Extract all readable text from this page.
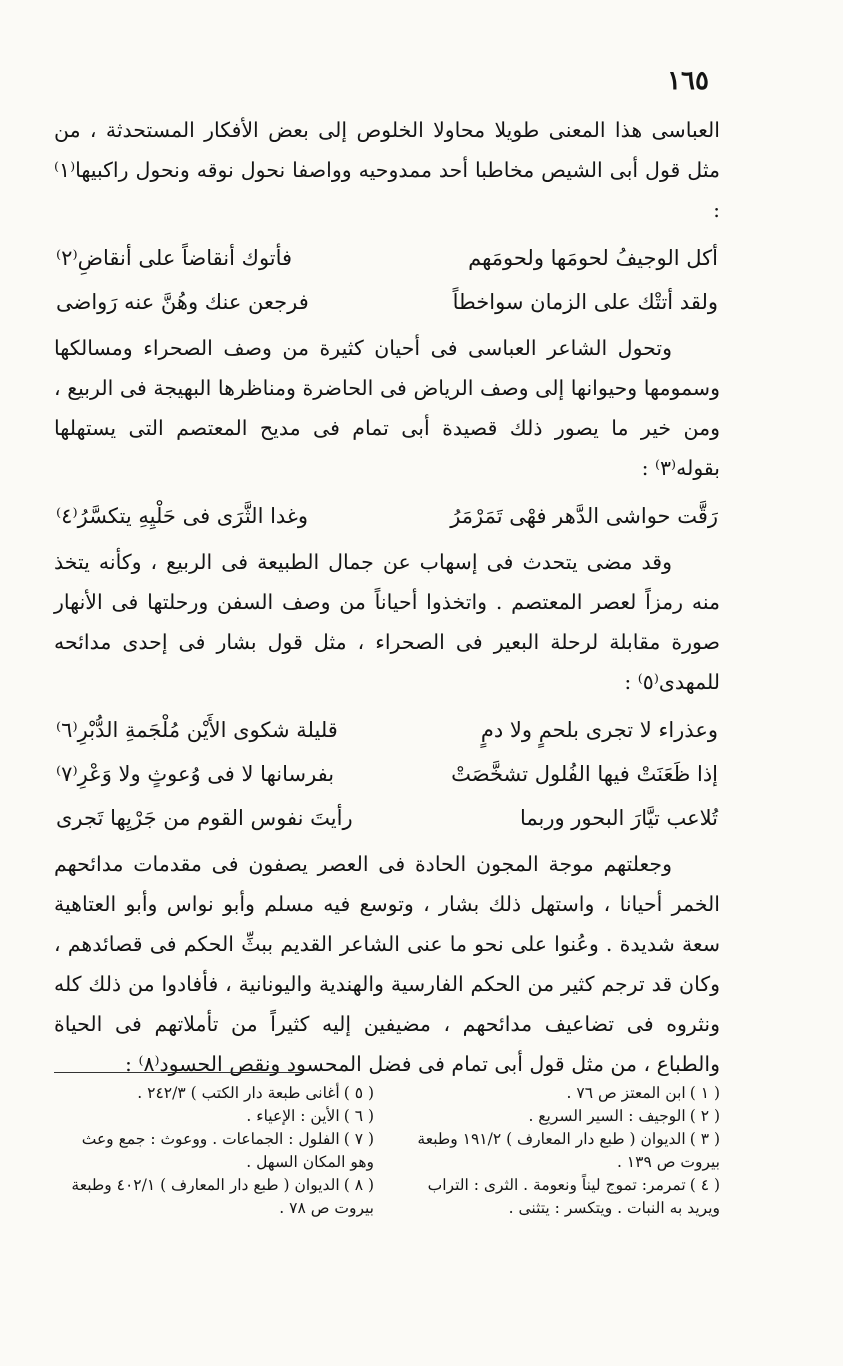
١٦٥

العباسى هذا المعنى طويلا محاولا الخلوص إلى بعض الأفكار المستحدثة ، من مثل قول أبى الشيص مخاطبا أحد ممدوحيه وواصفا نحول نوقه ونحول راكبيها⁽١⁾ :

أكل الوجيفُ لحومَها ولحومَهم
فأتوك أنقاضاً على أنقاضِ⁽٢⁾
ولقد أتتْك على الزمان سواخطاً
فرجعن عنك وهُنَّ عنه رَواضى

وتحول الشاعر العباسى فى أحيان كثيرة من وصف الصحراء ومسالكها وسمومها وحيوانها إلى وصف الرياض فى الحاضرة ومناظرها البهيجة فى الربيع ، ومن خير ما يصور ذلك قصيدة أبى تمام فى مديح المعتصم التى يستهلها بقوله⁽٣⁾ :

رَقَّت حواشى الدَّهر فهْى تَمَرْمَرُ
وغدا الثَّرَى فى حَلْيِهِ يتكسَّرُ⁽٤⁾

وقد مضى يتحدث فى إسهاب عن جمال الطبيعة فى الربيع ، وكأنه يتخذ منه رمزاً لعصر المعتصم . واتخذوا أحياناً من وصف السفن ورحلتها فى الأنهار صورة مقابلة لرحلة البعير فى الصحراء ، مثل قول بشار فى إحدى مدائحه للمهدى⁽٥⁾ :

وعذراء لا تجرى بلحمٍ ولا دمٍ
قليلة شكوى الأَيْن مُلْجَمةِ الدُّبْرِ⁽٦⁾
إذا ظَعَنَتْ فيها الفُلول تشخَّصَتْ
بفرسانها لا فى وُعوثٍ ولا وَعْرِ⁽٧⁾
تُلاعب تيَّارَ البحور وربما
رأيتَ نفوس القوم من جَرْيِها تَجرى

وجعلتهم موجة المجون الحادة فى العصر يصفون فى مقدمات مدائحهم الخمر أحيانا ، واستهل ذلك بشار ، وتوسع فيه مسلم وأبو نواس وأبو العتاهية سعة شديدة . وعُنوا على نحو ما عنى الشاعر القديم ببثِّ الحكم فى قصائدهم ، وكان قد ترجم كثير من الحكم الفارسية والهندية واليونانية ، فأفادوا من ذلك كله ونثروه فى تضاعيف مدائحهم ، مضيفين إليه كثيراً من تأملاتهم فى الحياة والطباع ، من مثل قول أبى تمام فى فضل المحسود ونقص الحسود⁽٨⁾ :

( ١ )ابن المعتز ص ٧٦ .

( ٢ )الوجيف : السير السريع .

( ٣ )الديوان ( طبع دار المعارف ) ١٩١/٢ وطبعة بيروت ص ١٣٩ .

( ٤ )تمرمر: تموج ليناً ونعومة . الثرى : التراب ويريد به النبات . ويتكسر : يتثنى .

( ٥ )أغانى طبعة دار الكتب ) ٢٤٢/٣ .

( ٦ )الأين : الإعياء .

( ٧ )الفلول : الجماعات . ووعوث : جمع وعث وهو المكان السهل .

( ٨ )الديوان ( طبع دار المعارف ) ٤٠٢/١ وطبعة بيروت ص ٧٨ .
